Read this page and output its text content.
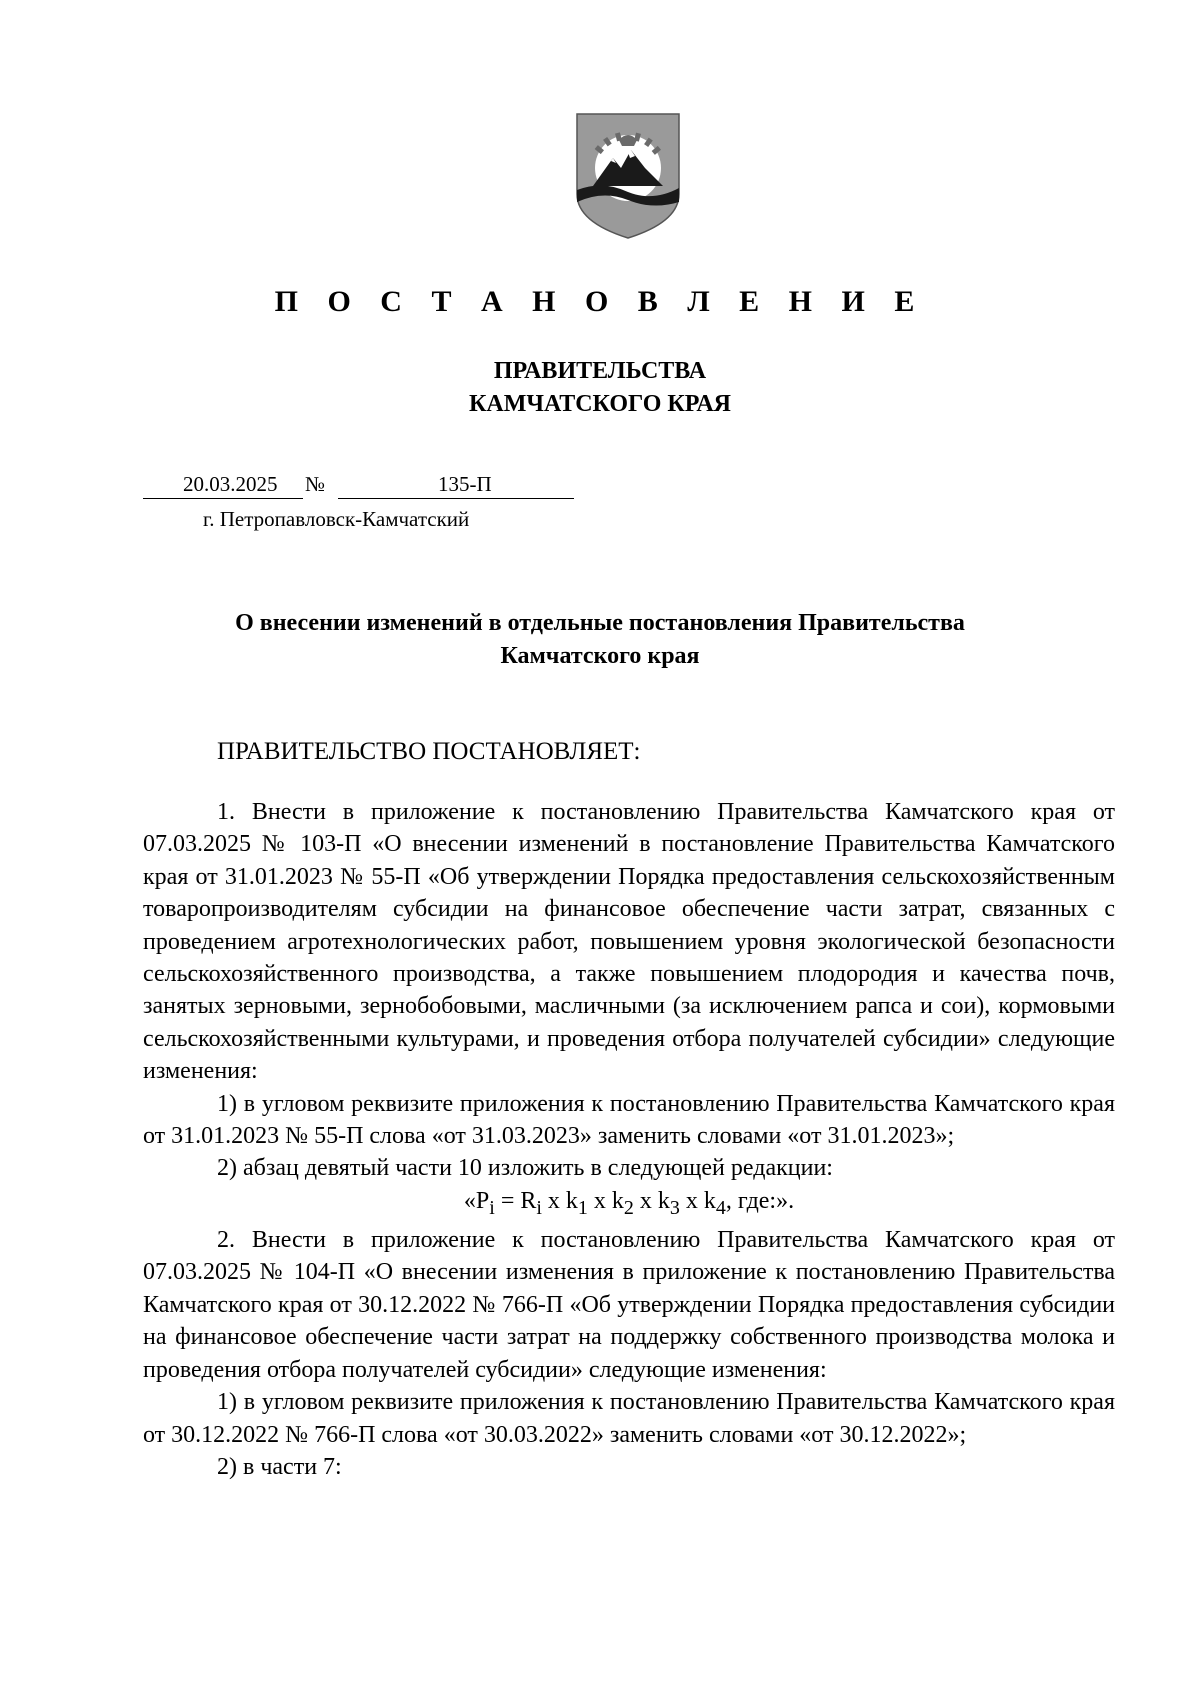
П О С Т А Н О В Л Е Н И Е
ПРАВИТЕЛЬСТВА
КАМЧАТСКОГО КРАЯ
20.03.2025 №	135-П
г. Петропавловск-Камчатский
О внесении изменений в отдельные постановления Правительства
Камчатского края
ПРАВИТЕЛЬСТВО ПОСТАНОВЛЯЕТ:

1. Внести в приложение к постановлению Правительства Камчатского края от 07.03.2025 № 103-П «О внесении изменений в постановление Правительства Камчатского края от 31.01.2023 № 55-П «Об утверждении Порядка предоставления сельскохозяйственным товаропроизводителям субсидии на финансовое обеспечение части затрат, связанных с проведением агротехнологических работ, повышением уровня экологической безопасности сельскохозяйственного производства, а также повышением плодородия и качества почв, занятых зерновыми, зернобобовыми, масличными (за исключением рапса и сои), кормовыми сельскохозяйственными культурами, и проведения отбора получателей субсидии» следующие изменения:

1) в угловом реквизите приложения к постановлению Правительства Камчатского края от 31.01.2023 № 55-П слова «от 31.03.2023» заменить словами «от 31.01.2023»;

2) абзац девятый части 10 изложить в следующей редакции:

«$P_i = R_i$ x $k_1$ x $k_2$ x $k_3$ x $k_4$, где:».

2. Внести в приложение к постановлению Правительства Камчатского края от 07.03.2025 № 104-П «О внесении изменения в приложение к постановлению Правительства Камчатского края от 30.12.2022 № 766-П «Об утверждении Порядка предоставления субсидии на финансовое обеспечение части затрат на поддержку собственного производства молока и проведения отбора получателей субсидии» следующие изменения:

1) в угловом реквизите приложения к постановлению Правительства Камчатского края от 30.12.2022 № 766-П слова «от 30.03.2022» заменить словами «от 30.12.2022»;

2) в части 7:
